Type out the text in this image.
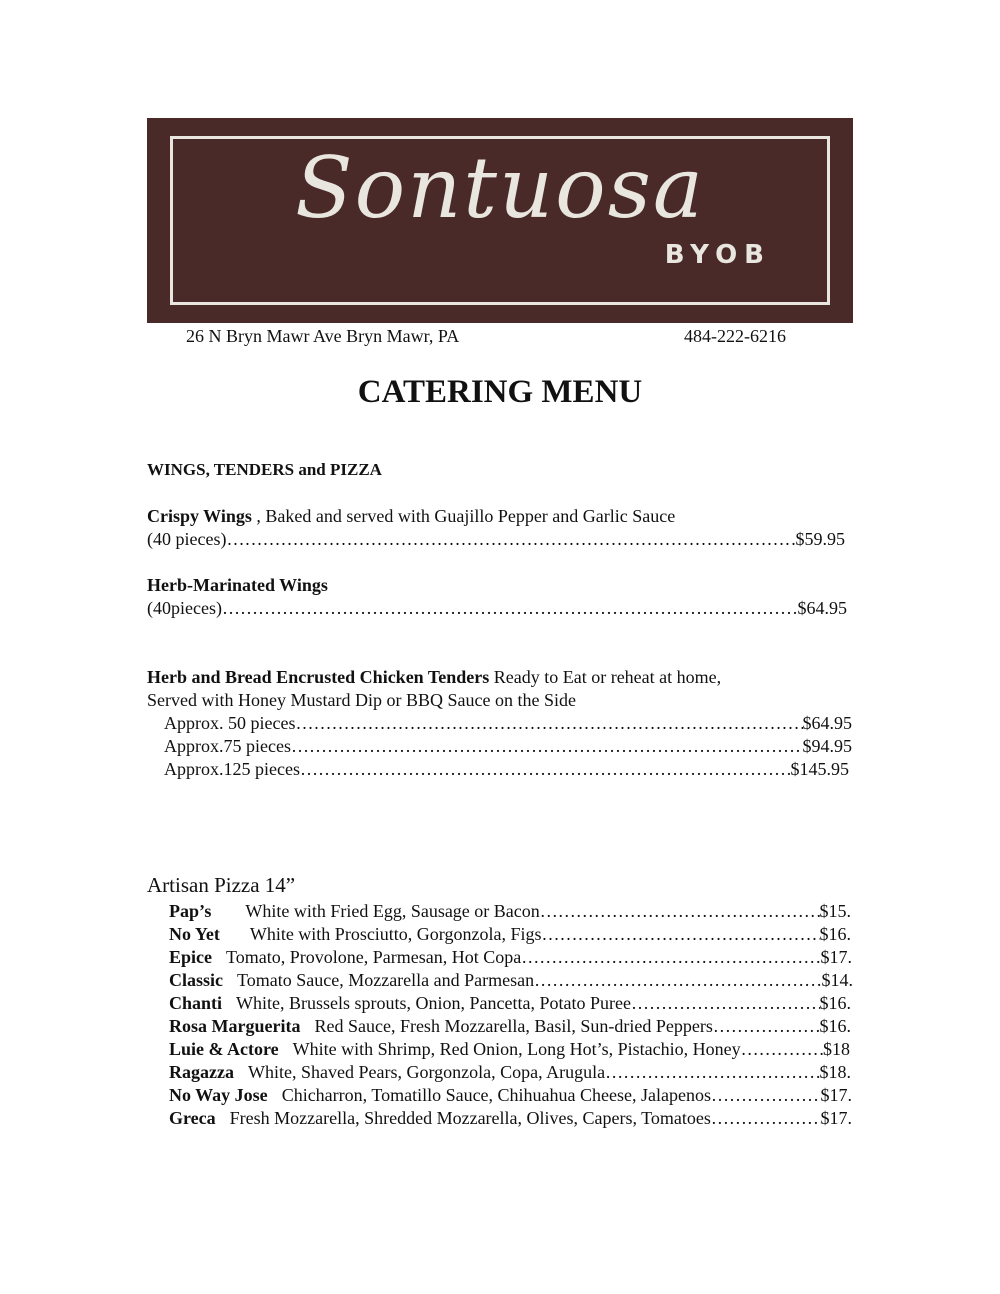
Sontuosa
BYOB
26 N Bryn Mawr Ave Bryn Mawr, PA	484-222-6216
CATERING MENU
WINGS, TENDERS and PIZZA
Crispy Wings , Baked and served with Guajillo Pepper and Garlic Sauce
(40 pieces) ………………………………………………………………………………………………………………………………………………………………………	$59.95
Herb-Marinated Wings
(40pieces) ………………………………………………………………………………………………………………………………………………………………………	$64.95
Herb and Bread Encrusted Chicken Tenders Ready to Eat or reheat at home,
Served with Honey Mustard Dip or BBQ Sauce on the Side
Approx. 50 pieces ………………………………………………………………………………………………………………………………………………………………………	$64.95
Approx.75 pieces ………………………………………………………………………………………………………………………………………………………………………	$94.95
Approx.125 pieces ………………………………………………………………………………………………………………………………………………………………………	$145.95
Artisan Pizza 14”
Pap’s White with Fried Egg, Sausage or Bacon ………………………………………………………………………………………………………………………………………………………………………	$15.
No Yet White with Prosciutto, Gorgonzola, Figs ………………………………………………………………………………………………………………………………………………………………………	$16.
Epice Tomato, Provolone, Parmesan, Hot Copa ………………………………………………………………………………………………………………………………………………………………………	$17.
Classic Tomato Sauce, Mozzarella and Parmesan ………………………………………………………………………………………………………………………………………………………………………	$14.
Chanti White, Brussels sprouts, Onion, Pancetta, Potato Puree ………………………………………………………………………………………………………………………………………………………………………	$16.
Rosa Marguerita Red Sauce, Fresh Mozzarella, Basil, Sun-dried Peppers ………………………………………………………………………………………………………………………………………………………………………	$16.
Luie & Actore White with Shrimp, Red Onion, Long Hot’s, Pistachio, Honey ………………………………………………………………………………………………………………………………………………………………………	$18
Ragazza White, Shaved Pears, Gorgonzola, Copa, Arugula ………………………………………………………………………………………………………………………………………………………………………	$18.
No Way Jose Chicharron, Tomatillo Sauce, Chihuahua Cheese, Jalapenos ………………………………………………………………………………………………………………………………………………………………………	$17.
Greca Fresh Mozzarella, Shredded Mozzarella, Olives, Capers, Tomatoes ………………………………………………………………………………………………………………………………………………………………………	$17.
